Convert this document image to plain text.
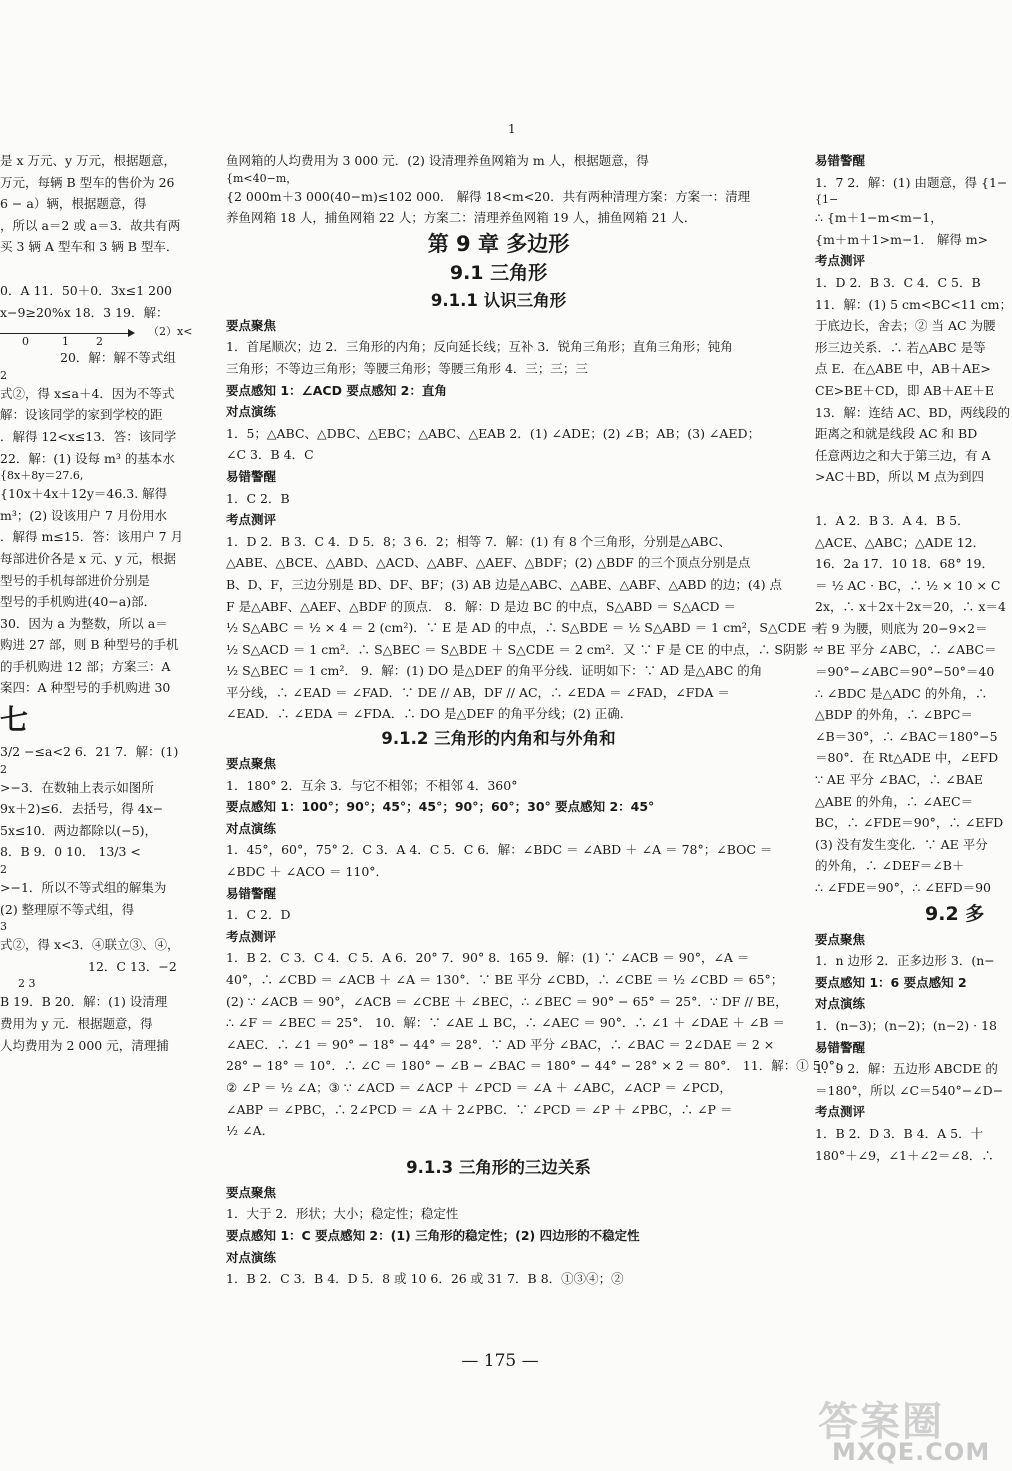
1
是 x 万元、y 万元，根据题意，
万元，每辆 B 型车的售价为 26
6 − a）辆，根据题意，得
，所以 a＝2 或 a＝3．故共有两
买 3 辆 A 型车和 3 辆 B 型车．
0．A 11．50＋0．3x≤1 200
x−9≥20%x 18．3 19．解：
0	1 2
（2）x<
20．解：解不等式组
2
式②，得 x≤a＋4．因为不等式
解：设该同学的家到学校的距
．解得 12<x≤13．答：该同学
22．解：(1) 设每 m³ 的基本水
{8x＋8y＝27.6,
{10x＋4x＋12y＝46.3. 解得
m³；(2) 设该用户 7 月份用水
．解得 m≤15．答：该用户 7 月
每部进价各是 x 元、y 元，根据
型号的手机每部进价分别是
型号的手机购进(40−a)部．
30．因为 a 为整数，所以 a＝
购进 27 部，则 B 种型号的手机
的手机购进 12 部；方案三：A
案四：A 种型号的手机购进 30
七
3/2 −≤a<2 6．21 7．解：(1)
2
>−3．在数轴上表示如图所
9x＋2)≤6．去括号，得 4x−
5x≤10．两边都除以(−5)，
8．B 9．0 10． 13/3 <
2
>−1．所以不等式组的解集为
(2) 整理原不等式组，得
3
式②，得 x<3．④联立③、④，
12．C 13．−2
2 3
B 19．B 20．解：(1) 设清理
费用为 y 元．根据题意，得
人均费用为 2 000 元，清理捕
鱼网箱的人均费用为 3 000 元．(2) 设清理养鱼网箱为 m 人，根据题意，得
{m<40−m，
{2 000m＋3 000(40−m)≤102 000． 解得 18<m<20．共有两种清理方案：方案一：清理
养鱼网箱 18 人，捕鱼网箱 22 人；方案二：清理养鱼网箱 19 人，捕鱼网箱 21 人．
第 9 章 多边形
9.1 三角形
9.1.1 认识三角形
要点聚焦
1．首尾顺次；边 2．三角形的内角；反向延长线；互补 3．锐角三角形；直角三角形；钝角
三角形；不等边三角形；等腰三角形；等腰三角形 4．三；三；三
要点感知 1：∠ACD 要点感知 2：直角
对点演练
1．5；△ABC、△DBC、△EBC；△ABC、△EAB 2．(1) ∠ADE；(2) ∠B；AB；(3) ∠AED；
∠C 3．B 4．C
易错警醒
1．C 2．B
考点测评
1．D 2．B 3．C 4．D 5．8；3 6．2；相等 7．解：(1) 有 8 个三角形，分别是△ABC、
△ABE、△BCE、△ABD、△ACD、△ABF、△AEF、△BDF；(2) △BDF 的三个顶点分别是点
B、D、F，三边分别是 BD、DF、BF；(3) AB 边是△ABC、△ABE、△ABF、△ABD 的边；(4) 点
F 是△ABF、△AEF、△BDF 的顶点． 8．解：D 是边 BC 的中点，S△ABD ＝ S△ACD ＝
½ S△ABC ＝ ½ × 4 ＝ 2 (cm²)．∵ E 是 AD 的中点，∴ S△BDE ＝ ½ S△ABD ＝ 1 cm²，S△CDE ＝
½ S△ACD ＝ 1 cm²．∴ S△BEC ＝ S△BDE ＋ S△CDE ＝ 2 cm²．又 ∵ F 是 CE 的中点，∴ S阴影 ＝
½ S△BEC ＝ 1 cm²． 9．解：(1) DO 是△DEF 的角平分线．证明如下：∵ AD 是△ABC 的角
平分线，∴ ∠EAD ＝ ∠FAD．∵ DE // AB，DF // AC，∴ ∠EDA ＝ ∠FAD，∠FDA ＝
∠EAD．∴ ∠EDA ＝ ∠FDA．∴ DO 是△DEF 的角平分线；(2) 正确．
9.1.2 三角形的内角和与外角和
要点聚焦
1．180° 2．互余 3．与它不相邻；不相邻 4．360°
要点感知 1：100°；90°；45°；45°；90°；60°；30° 要点感知 2：45°
对点演练
1．45°，60°，75° 2．C 3．A 4．C 5．C 6．解：∠BDC ＝ ∠ABD ＋ ∠A ＝ 78°；∠BOC ＝
∠BDC ＋ ∠ACO ＝ 110°．
易错警醒
1．C 2．D
考点测评
1．B 2．C 3．C 4．C 5．A 6．20° 7．90° 8．165 9．解：(1) ∵ ∠ACB ＝ 90°，∠A ＝
40°，∴ ∠CBD ＝ ∠ACB ＋ ∠A ＝ 130°．∵ BE 平分 ∠CBD，∴ ∠CBE ＝ ½ ∠CBD ＝ 65°；
(2) ∵ ∠ACB ＝ 90°，∠ACB ＝ ∠CBE ＋ ∠BEC，∴ ∠BEC ＝ 90° − 65° ＝ 25°．∵ DF // BE，
∴ ∠F ＝ ∠BEC ＝ 25°． 10．解：∵ ∠AE ⊥ BC，∴ ∠AEC ＝ 90°．∴ ∠1 ＋ ∠DAE ＋ ∠B ＝
∠AEC．∴ ∠1 ＝ 90° − 18° − 44° ＝ 28°．∵ AD 平分 ∠BAC，∴ ∠BAC ＝ 2∠DAE ＝ 2 ×
28° − 18° ＝ 10°．∴ ∠C ＝ 180° − ∠B − ∠BAC ＝ 180° − 44° − 28° × 2 ＝ 80°． 11．解：① 50°；
② ∠P ＝ ½ ∠A；③ ∵ ∠ACD ＝ ∠ACP ＋ ∠PCD ＝ ∠A ＋ ∠ABC，∠ACP ＝ ∠PCD，
∠ABP ＝ ∠PBC，∴ 2∠PCD ＝ ∠A ＋ 2∠PBC．∵ ∠PCD ＝ ∠P ＋ ∠PBC，∴ ∠P ＝
½ ∠A．
9.1.3 三角形的三边关系
要点聚焦
1．大于 2．形状；大小；稳定性；稳定性
要点感知 1：C 要点感知 2：(1) 三角形的稳定性；(2) 四边形的不稳定性
对点演练
1．B 2．C 3．B 4．D 5．8 或 10 6．26 或 31 7．B 8．①③④；②
易错警醒
1．7 2．解：(1) 由题意，得 {1−
{1−
∴ {m＋1−m<m−1，
{m＋m＋1>m−1． 解得 m>
考点测评
1．D 2．B 3．C 4．C 5．B
11．解：(1) 5 cm<BC<11 cm；
于底边长，舍去；② 当 AC 为腰
形三边关系．∴ 若△ABC 是等
点 E．在△ABE 中，AB＋AE>
CE>BE＋CD，即 AB＋AE＋E
13．解：连结 AC、BD，两线段的
距离之和就是线段 AC 和 BD
任意两边之和大于第三边，有 A
>AC＋BD，所以 M 点为到四
1．A 2．B 3．A 4．B 5．
△ACE、△ABC；△ADE 12．
16．2a 17．10 18．68° 19．
＝ ½ AC · BC，∴ ½ × 10 × C
2x，∴ x＋2x＋2x＝20，∴ x＝4
若 9 为腰，则底为 20−9×2＝
∵ BE 平分 ∠ABC，∴ ∠ABC＝
＝90°−∠ABC＝90°−50°＝40
∴ ∠BDC 是△ADC 的外角，∴
△BDP 的外角，∴ ∠BPC＝
∠B＝30°，∴ ∠BAC＝180°−5
＝80°．在 Rt△ADE 中，∠EFD
∵ AE 平分 ∠BAC，∴ ∠BAE
△ABE 的外角，∴ ∠AEC＝
BC，∴ ∠FDE＝90°，∴ ∠EFD
(3) 没有发生变化．∵ AE 平分
的外角，∴ ∠DEF＝∠B＋
∴ ∠FDE＝90°，∴ ∠EFD＝90
9.2 多
要点聚焦
1．n 边形 2．正多边形 3．(n−
要点感知 1：6 要点感知 2
对点演练
1．(n−3)；(n−2)；(n−2) · 18
易错警醒
1．9 2．解：五边形 ABCDE 的
＝180°，所以 ∠C＝540°−∠D−
考点测评
1．B 2．D 3．B 4．A 5．十
180°＋∠9，∠1＋∠2＝∠8．∴
— 175 —
答案圈
MXQE.COM
